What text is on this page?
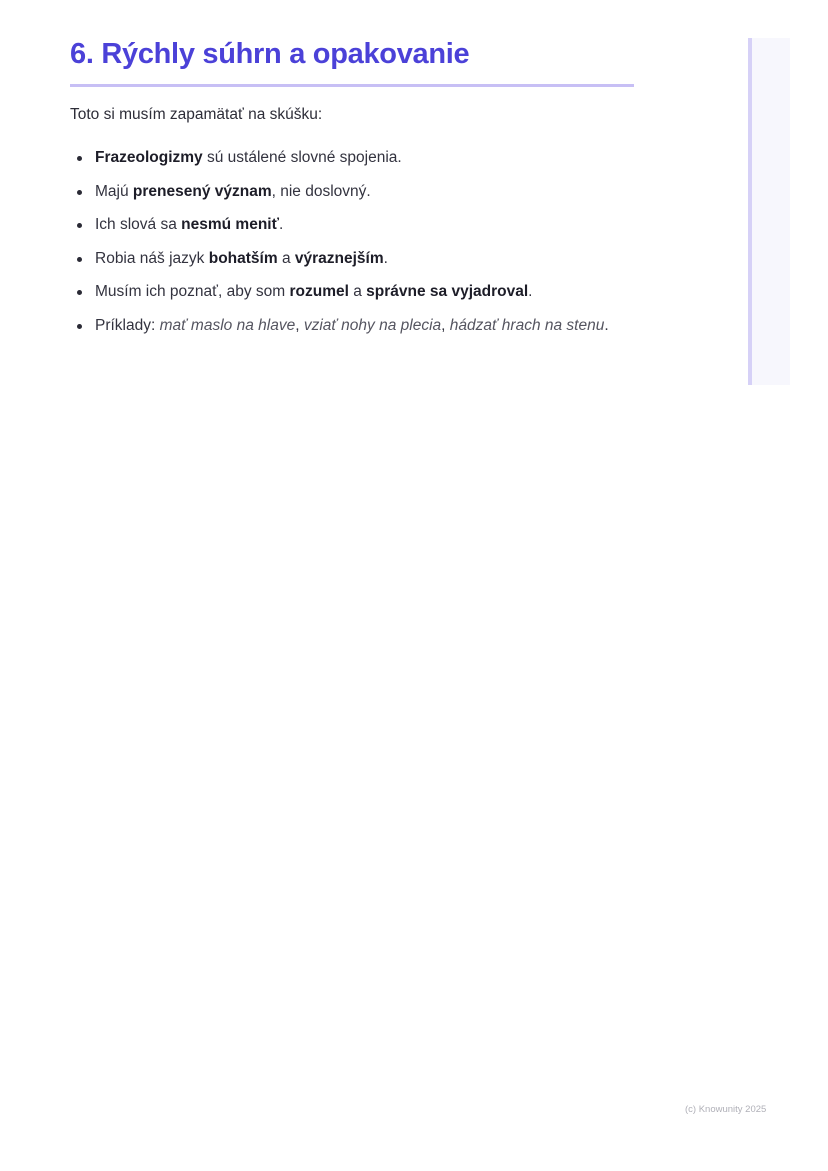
6. Rýchly súhrn a opakovanie
Toto si musím zapamätať na skúšku:
Frazeologizmy sú ustálené slovné spojenia.
Majú prenesený význam, nie doslovný.
Ich slová sa nesmú meniť.
Robia náš jazyk bohatším a výraznejším.
Musím ich poznať, aby som rozumel a správne sa vyjadroval.
Príklady: mať maslo na hlave, vziať nohy na plecia, hádzať hrach na stenu.
(c) Knowunity 2025
